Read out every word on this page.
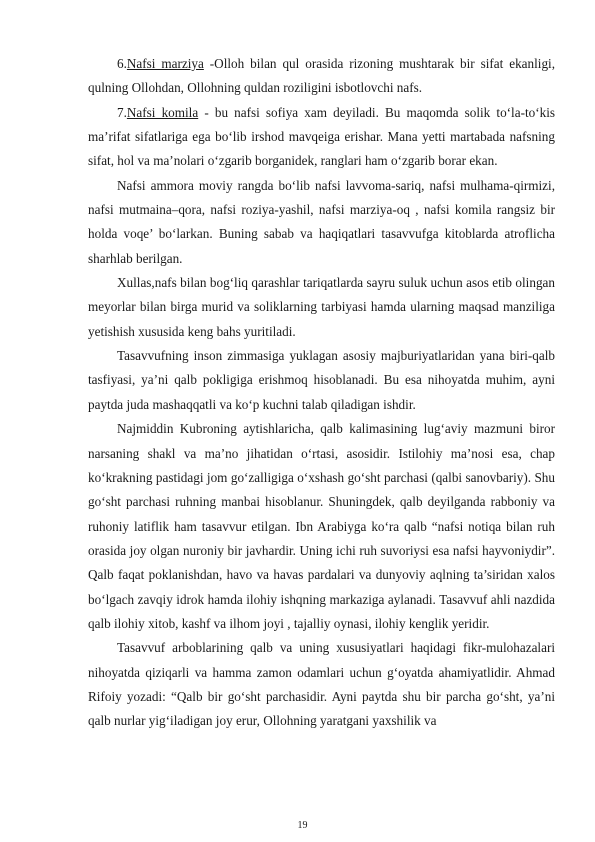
6.Nafsi marziya -Olloh bilan qul orasida rizoning mushtarak bir sifat ekanligi, qulning Ollohdan, Ollohning quldan roziligini isbotlovchi nafs.

7.Nafsi komila - bu nafsi sofiya xam deyiladi. Bu maqomda solik to‘la-to‘kis ma’rifat sifatlariga ega bo‘lib irshod mavqeiga erishar. Mana yetti martabada nafsning sifat, hol va ma’nolari o‘zgarib borganidek, ranglari ham o‘zgarib borar ekan.

Nafsi ammora moviy rangda bo‘lib nafsi lavvoma-sariq, nafsi mulhama-qirmizi, nafsi mutmaina–qora, nafsi roziya-yashil, nafsi marziya-oq , nafsi komila rangsiz bir holda voqe’ bo‘larkan. Buning sabab va haqiqatlari tasavvufga kitoblarda atroflicha sharhlab berilgan.

Xullas,nafs bilan bog‘liq qarashlar tariqatlarda sayru suluk uchun asos etib olingan meyorlar bilan birga murid va soliklarning tarbiyasi hamda ularning maqsad manziliga yetishish xususida keng bahs yuritiladi.

Tasavvufning inson zimmasiga yuklagan asosiy majburiyatlaridan yana biri-qalb tasfiyasi, ya’ni qalb pokligiga erishmoq hisoblanadi. Bu esa nihoyatda muhim, ayni paytda juda mashaqqatli va ko‘p kuchni talab qiladigan ishdir.

Najmiddin Kubroning aytishlaricha, qalb kalimasining lug‘aviy mazmuni biror narsaning shakl va ma’no jihatidan o‘rtasi, asosidir. Istilohiy ma’nosi esa, chap ko‘krakning pastidagi jom go‘zalligiga o‘xshash go‘sht parchasi (qalbi sanovbariy). Shu go‘sht parchasi ruhning manbai hisoblanur. Shuningdek, qalb deyilganda rabboniy va ruhoniy latiflik ham tasavvur etilgan. Ibn Arabiyga ko‘ra qalb “nafsi notiqa bilan ruh orasida joy olgan nuroniy bir javhardir. Uning ichi ruh suvoriysi esa nafsi hayvoniydir”. Qalb faqat poklanishdan, havo va havas pardalari va dunyoviy aqlning ta’siridan xalos bo‘lgach zavqiy idrok hamda ilohiy ishqning markaziga aylanadi. Tasavvuf ahli nazdida qalb ilohiy xitob, kashf va ilhom joyi , tajalliy oynasi, ilohiy kenglik yeridir.

Tasavvuf arboblarining qalb va uning xususiyatlari haqidagi fikr-mulohazalari nihoyatda qiziqarli va hamma zamon odamlari uchun g‘oyatda ahamiyatlidir. Ahmad Rifoiy yozadi: “Qalb bir go‘sht parchasidir. Ayni paytda shu bir parcha go‘sht, ya’ni qalb nurlar yig‘iladigan joy erur, Ollohning yaratgani yaxshilik va

19
